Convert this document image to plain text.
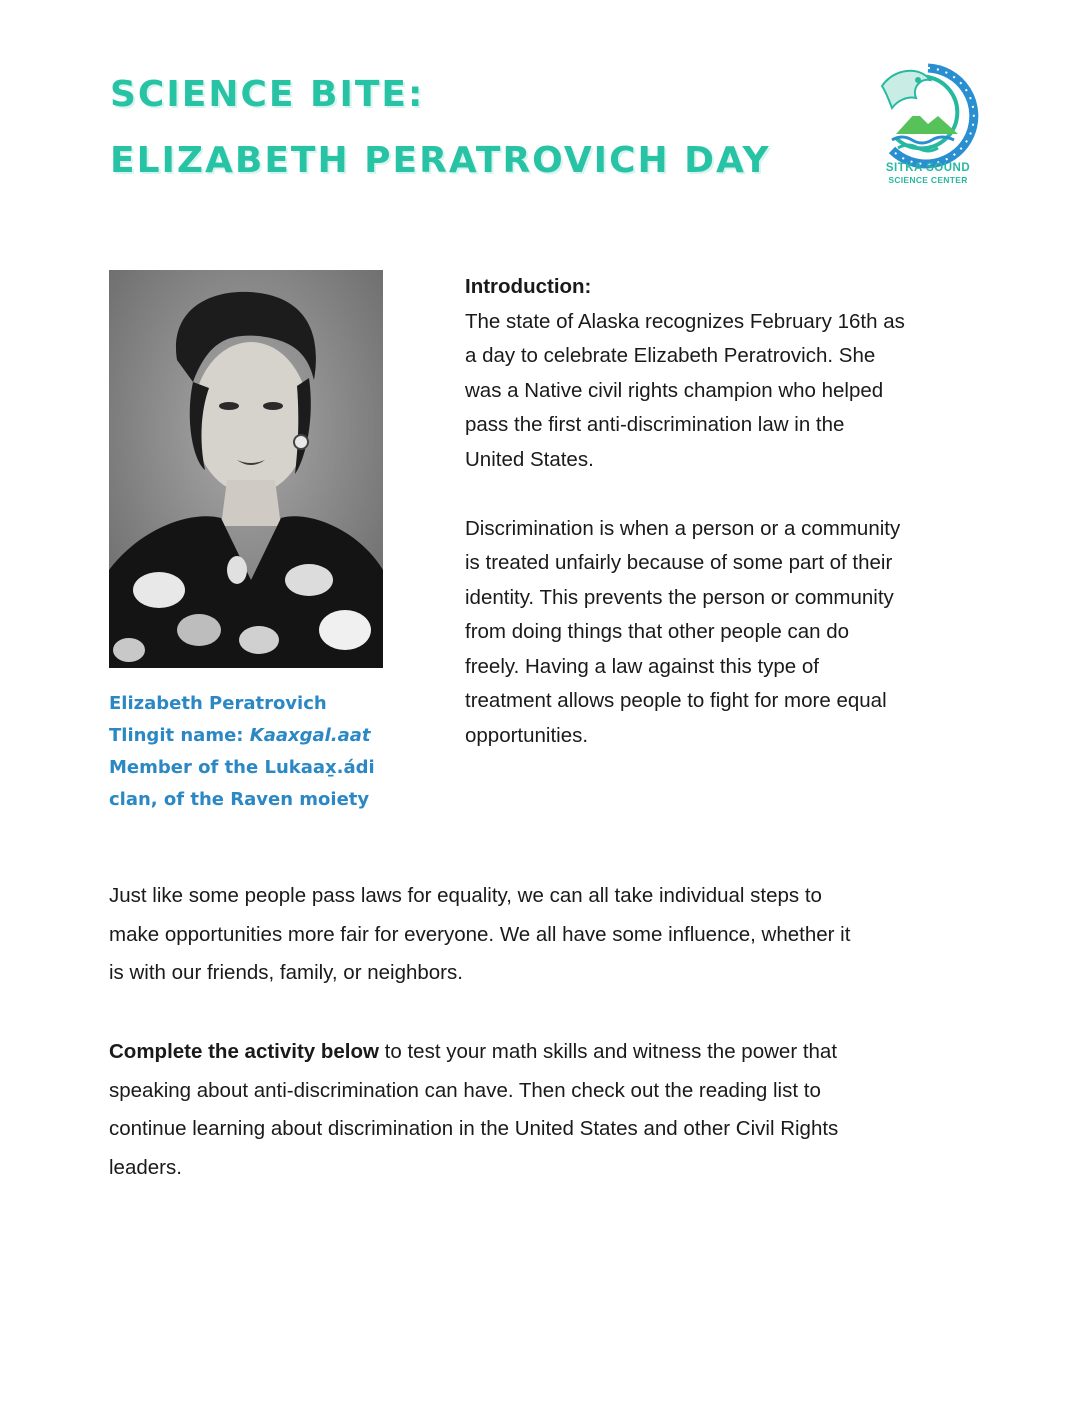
SCIENCE BITE:
ELIZABETH PERATROVICH DAY	SITKA SOUND
SCIENCE CENTER
Elizabeth Peratrovich
Tlingit name: Kaaxgal.aat
Member of the Lukaax̱.ádi
clan, of the Raven moiety
Introduction:
The state of Alaska recognizes February 16th as
a day to celebrate Elizabeth Peratrovich. She
was a Native civil rights champion who helped
pass the first anti-discrimination law in the
United States.
Discrimination is when a person or a community
is treated unfairly because of some part of their
identity. This prevents the person or community
from doing things that other people can do
freely. Having a law against this type of
treatment allows people to fight for more equal
opportunities.
Just like some people pass laws for equality, we can all take individual steps to
make opportunities more fair for everyone. We all have some influence, whether it
is with our friends, family, or neighbors.
Complete the activity below to test your math skills and witness the power that
speaking about anti-discrimination can have. Then check out the reading list to
continue learning about discrimination in the United States and other Civil Rights
leaders.
